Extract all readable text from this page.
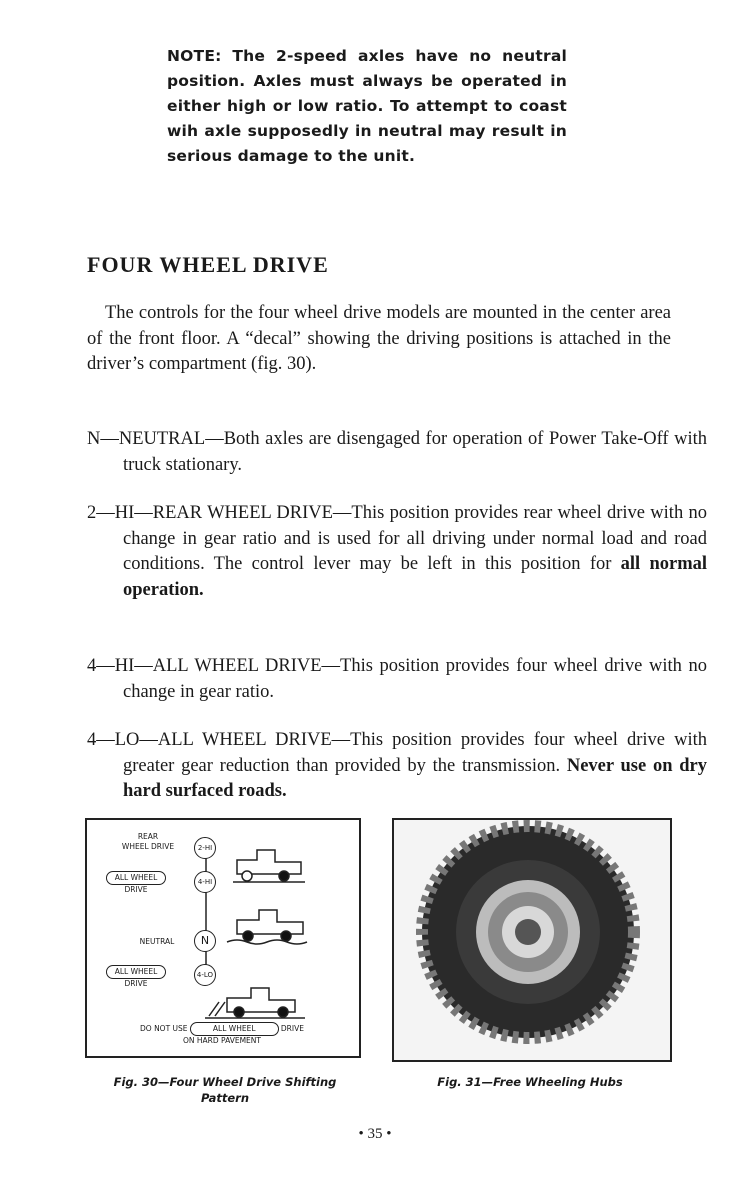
NOTE: The 2-speed axles have no neutral position. Axles must always be operated in either high or low ratio. To attempt to coast wih axle supposedly in neutral may result in serious damage to the unit.
FOUR WHEEL DRIVE
The controls for the four wheel drive models are mounted in the center area of the front floor. A “decal” showing the driving positions is attached in the driver’s compartment (fig. 30).
N—NEUTRAL—Both axles are disengaged for operation of Power Take-Off with truck stationary.
2—HI—REAR WHEEL DRIVE—This position provides rear wheel drive with no change in gear ratio and is used for all driving under normal load and road conditions. The control lever may be left in this position for all normal operation.
4—HI—ALL WHEEL DRIVE—This position provides four wheel drive with no change in gear ratio.
4—LO—ALL WHEEL DRIVE—This position provides four wheel drive with greater gear reduction than provided by the transmission. Never use on dry hard surfaced roads.
REAR
WHEEL DRIVE	2-HI
ALL WHEEL
DRIVE
4-HI
NEUTRAL	N
ALL WHEEL
DRIVE
4-LO
DO NOT USE	ALL WHEEL	DRIVE
ON HARD PAVEMENT
Fig. 30—Four Wheel Drive Shifting Pattern
Fig. 31—Free Wheeling Hubs
• 35 •
